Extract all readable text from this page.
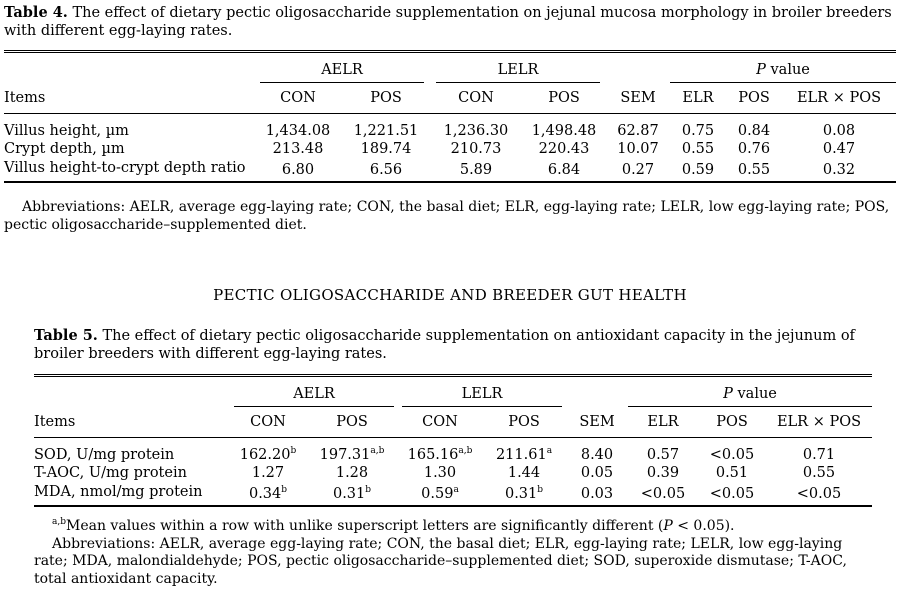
Table 4. The effect of dietary pectic oligosaccharide supplementation on jejunal mucosa morphology in broiler breeders with different egg-laying rates.

	AELR		LELR			P value		

Items	CON	POS	CON	POS	SEM	ELR	POS	ELR × POS
Villus height, µm	1,434.08	1,221.51	1,236.30	1,498.48	62.87	0.75	0.84	0.08
Crypt depth, µm	213.48	189.74	210.73	220.43	10.07	0.55	0.76	0.47
Villus height-to-crypt depth ratio	6.80	6.56	5.89	6.84	0.27	0.59	0.55	0.32

Abbreviations: AELR, average egg-laying rate; CON, the basal diet; ELR, egg-laying rate; LELR, low egg-laying rate; POS, pectic oligosaccharide–supplemented diet.

PECTIC OLIGOSACCHARIDE AND BREEDER GUT HEALTH

Table 5. The effect of dietary pectic oligosaccharide supplementation on antioxidant capacity in the jejunum of broiler breeders with different egg-laying rates.

	AELR		LELR			P value		

Items	CON	POS	CON	POS	SEM	ELR	POS	ELR × POS
SOD, U/mg protein	162.20$^b$	197.31$^{a,b}$	165.16$^{a,b}$	211.61$^a$	8.40	0.57	<0.05	0.71
T-AOC, U/mg protein	1.27	1.28	1.30	1.44	0.05	0.39	0.51	0.55
MDA, nmol/mg protein	0.34$^b$	0.31$^b$	0.59$^a$	0.31$^b$	0.03	<0.05	<0.05	<0.05

$^{a,b}$Mean values within a row with unlike superscript letters are significantly different (P < 0.05).

Abbreviations: AELR, average egg-laying rate; CON, the basal diet; ELR, egg-laying rate; LELR, low egg-laying rate; MDA, malondialdehyde; POS, pectic oligosaccharide–supplemented diet; SOD, superoxide dismutase; T-AOC, total antioxidant capacity.
